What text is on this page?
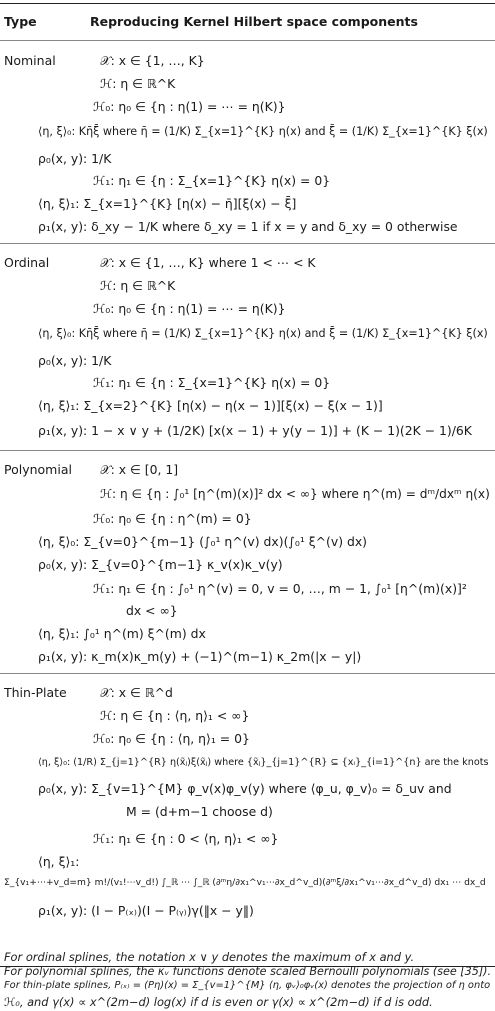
Type	Reproducing Kernel Hilbert space components
Nominal	𝒳: x ∈ {1, …, K}
ℋ: η ∈ ℝ^K
ℋ₀: η₀ ∈ {η : η(1) = ⋯ = η(K)}
⟨η, ξ⟩₀: Kη̄ξ̄ where η̄ = (1/K) Σ_{x=1}^{K} η(x) and ξ̄ = (1/K) Σ_{x=1}^{K} ξ(x)
ρ₀(x, y): 1/K
ℋ₁: η₁ ∈ {η : Σ_{x=1}^{K} η(x) = 0}
⟨η, ξ⟩₁: Σ_{x=1}^{K} [η(x) − η̄][ξ(x) − ξ̄]
ρ₁(x, y): δ_xy − 1/K where δ_xy = 1 if x = y and δ_xy = 0 otherwise
Ordinal	𝒳: x ∈ {1, …, K} where 1 < ⋯ < K
ℋ: η ∈ ℝ^K
ℋ₀: η₀ ∈ {η : η(1) = ⋯ = η(K)}
⟨η, ξ⟩₀: Kη̄ξ̄ where η̄ = (1/K) Σ_{x=1}^{K} η(x) and ξ̄ = (1/K) Σ_{x=1}^{K} ξ(x)
ρ₀(x, y): 1/K
ℋ₁: η₁ ∈ {η : Σ_{x=1}^{K} η(x) = 0}
⟨η, ξ⟩₁: Σ_{x=2}^{K} [η(x) − η(x − 1)][ξ(x) − ξ(x − 1)]
ρ₁(x, y): 1 − x ∨ y + (1/2K) [x(x − 1) + y(y − 1)] + (K − 1)(2K − 1)/6K
Polynomial 𝒳: x ∈ [0, 1]
ℋ: η ∈ {η : ∫₀¹ [η^(m)(x)]² dx < ∞} where η^(m) = dᵐ/dxᵐ η(x)
ℋ₀: η₀ ∈ {η : η^(m) = 0}
⟨η, ξ⟩₀: Σ_{v=0}^{m−1} (∫₀¹ η^(v) dx)(∫₀¹ ξ^(v) dx)
ρ₀(x, y): Σ_{v=0}^{m−1} κ_v(x)κ_v(y)
ℋ₁: η₁ ∈ {η : ∫₀¹ η^(v) = 0, v = 0, …, m − 1, ∫₀¹ [η^(m)(x)]²
dx < ∞}
⟨η, ξ⟩₁: ∫₀¹ η^(m) ξ^(m) dx
ρ₁(x, y): κ_m(x)κ_m(y) + (−1)^(m−1) κ_2m(|x − y|)
Thin-Plate	𝒳: x ∈ ℝ^d
ℋ: η ∈ {η : ⟨η, η⟩₁ < ∞}
ℋ₀: η₀ ∈ {η : ⟨η, η⟩₁ = 0}
⟨η, ξ⟩₀: (1/R) Σ_{j=1}^{R} η(x̃ⱼ)ξ(x̃ⱼ) where {x̃ⱼ}_{j=1}^{R} ⊆ {xᵢ}_{i=1}^{n} are the knots
ρ₀(x, y): Σ_{v=1}^{M} φ_v(x)φ_v(y) where ⟨φ_u, φ_v⟩₀ = δ_uv and
M = (d+m−1 choose d)
ℋ₁: η₁ ∈ {η : 0 < ⟨η, η⟩₁ < ∞}
⟨η, ξ⟩₁:
Σ_{v₁+⋯+v_d=m} m!/(v₁!⋯v_d!) ∫_ℝ ⋯ ∫_ℝ (∂ᵐη/∂x₁^v₁⋯∂x_d^v_d)(∂ᵐξ/∂x₁^v₁⋯∂x_d^v_d) dx₁ ⋯ dx_d
ρ₁(x, y): (I − P₍ₓ₎)(I − P₍ᵧ₎)γ(‖x − y‖)
For ordinal splines, the notation x ∨ y denotes the maximum of x and y.
For polynomial splines, the κᵥ functions denote scaled Bernoulli polynomials (see [35]).
For thin-plate splines, P₍ₓ₎ = (Pη)(x) = Σ_{v=1}^{M} ⟨η, φᵥ⟩₀φᵥ(x) denotes the projection of η onto
ℋ₀, and γ(x) ∝ x^(2m−d) log(x) if d is even or γ(x) ∝ x^(2m−d) if d is odd.
